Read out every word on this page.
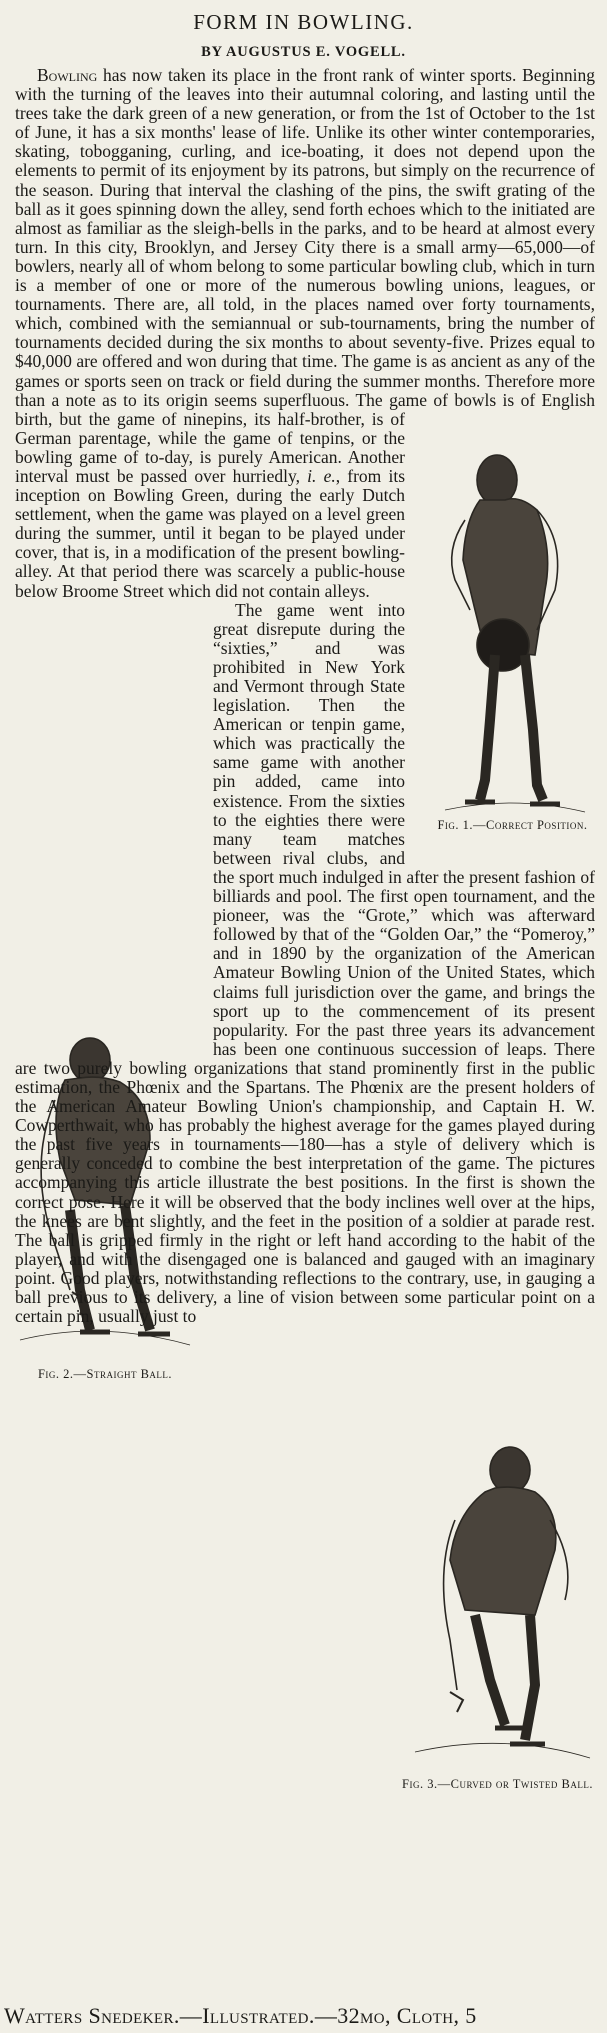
FORM IN BOWLING.
BY AUGUSTUS E. VOGELL.
Fig. 1.—Correct Position.
Fig. 2.—Straight Ball.
Fig. 3.—Curved or Twisted Ball.

Bowling has now taken its place in the front rank of winter sports. Beginning with the turning of the leaves into their autumnal coloring, and lasting until the trees take the dark green of a new generation, or from the 1st of October to the 1st of June, it has a six months' lease of life. Unlike its other winter contemporaries, skating, tobogganing, curling, and ice-boating, it does not depend upon the elements to permit of its enjoyment by its patrons, but simply on the recurrence of the season. During that interval the clashing of the pins, the swift grating of the ball as it goes spinning down the alley, send forth echoes which to the initiated are almost as familiar as the sleigh-bells in the parks, and to be heard at almost every turn. In this city, Brooklyn, and Jersey City there is a small army—65,000—of bowlers, nearly all of whom belong to some particular bowling club, which in turn is a member of one or more of the numerous bowling unions, leagues, or tournaments. There are, all told, in the places named over forty tournaments, which, combined with the semiannual or sub-tournaments, bring the number of tournaments decided during the six months to about seventy-five. Prizes equal to $40,000 are offered and won during that time. The game is as ancient as any of the games or sports seen on track or field during the summer months. Therefore more than a note as to its origin seems superfluous. The game of bowls is of English birth, but the game of ninepins, its half-brother, is of German parentage, while the game of tenpins, or the bowling game of to-day, is purely American. Another interval must be passed over hurriedly, i. e., from its inception on Bowling Green, during the early Dutch settlement, when the game was played on a level green during the summer, until it began to be played under cover, that is, in a modification of the present bowling-alley. At that period there was scarcely a public-house below Broome Street which did not contain alleys.

The game went into great disrepute during the “sixties,” and was prohibited in New York and Vermont through State legislation. Then the American or tenpin game, which was practically the same game with another pin added, came into existence. From the sixties to the eighties there were many team matches between rival clubs, and the sport much indulged in after the present fashion of billiards and pool. The first open tournament, and the pioneer, was the “Grote,” which was afterward followed by that of the “Golden Oar,” the “Pomeroy,” and in 1890 by the organization of the American Amateur Bowling Union of the United States, which claims full jurisdiction over the game, and brings the sport up to the commencement of its present popularity. For the past three years its advancement has been one continuous succession of leaps. There are two purely bowling organizations that stand prominently first in the public estimation, the Phœnix and the Spartans. The Phœnix are the present holders of the American Amateur Bowling Union's championship, and Captain H. W. Cowperthwait, who has probably the highest average for the games played during the past five years in tournaments—180—has a style of delivery which is generally conceded to combine the best interpretation of the game. The pictures accompanying this article illustrate the best positions. In the first is shown the correct pose. Here it will be observed that the body inclines well over at the hips, the knees are bent slightly, and the feet in the position of a soldier at parade rest. The ball is gripped firmly in the right or left hand according to the habit of the player, and with the disengaged one is balanced and gauged with an imaginary point. Good players, notwithstanding reflections to the contrary, use, in gauging a ball previous to its delivery, a line of vision between some particular point on a certain pin, usually just to

Watters Snedeker.—Illustrated.—32mo, Cloth, 5
